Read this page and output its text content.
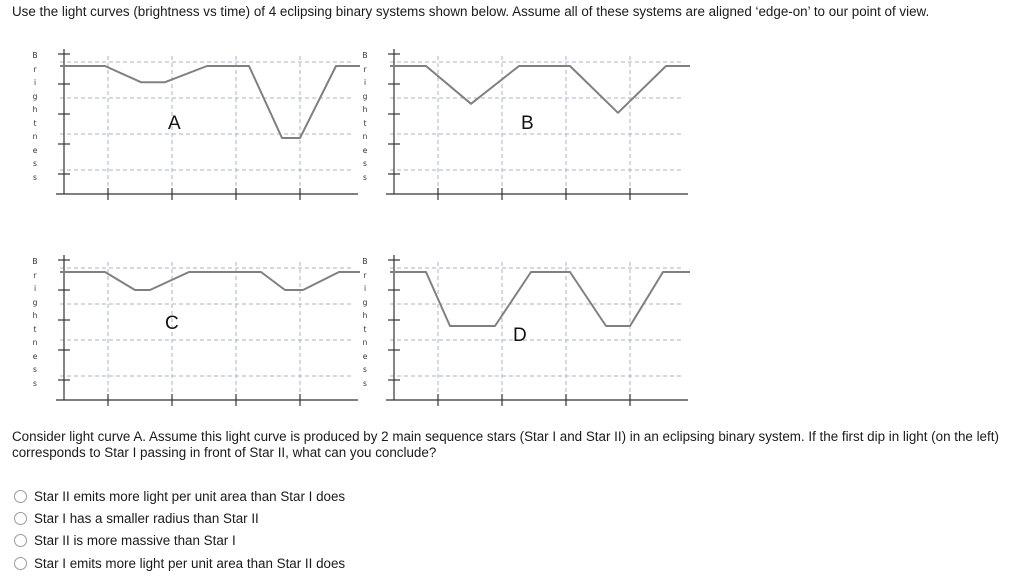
Use the light curves (brightness vs time) of 4 eclipsing binary systems shown below. Assume all of these systems are aligned ‘edge-on’ to our point of view.
B
r
i
g
h
t
n
e
s
s
A
B
r
i
g
h
t
n
e
s
s
B
B
r
i
g
h
t
n
e
s
s
C
B
r
i
g
h
t
n
e
s
s
D
Consider light curve A. Assume this light curve is produced by 2 main sequence stars (Star I and Star II) in an eclipsing binary system. If the first dip in light (on the left) corresponds to Star I passing in front of Star II, what can you conclude?
Star II emits more light per unit area than Star I does
Star I has a smaller radius than Star II
Star II is more massive than Star I
Star I emits more light per unit area than Star II does
